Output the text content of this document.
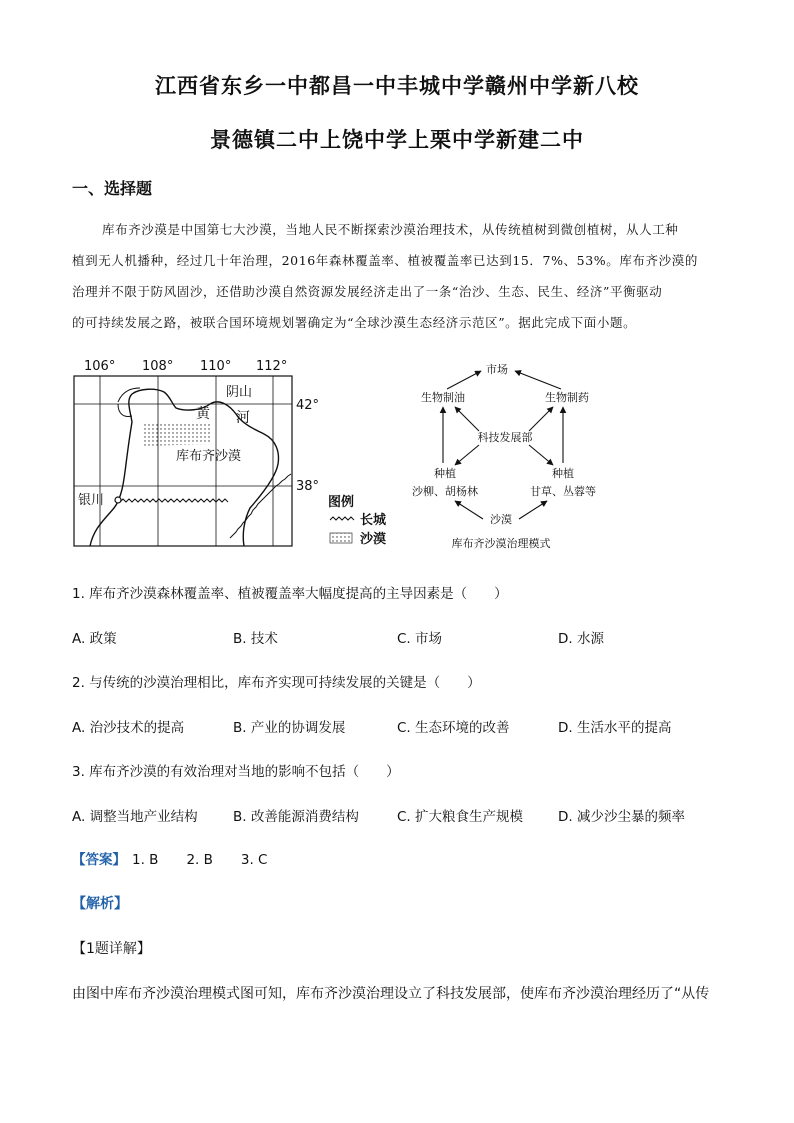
江西省东乡一中都昌一中丰城中学赣州中学新八校
景德镇二中上饶中学上栗中学新建二中
一、选择题
库布齐沙漠是中国第七大沙漠，当地人民不断探索沙漠治理技术，从传统植树到微创植树，从人工种
植到无人机播种，经过几十年治理，2016年森林覆盖率、植被覆盖率已达到15．7%、53%。库布齐沙漠的
治理并不限于防风固沙，还借助沙漠自然资源发展经济走出了一条“治沙、生态、民生、经济”平衡驱动
的可持续发展之路，被联合国环境规划署确定为“全球沙漠生态经济示范区”。据此完成下面小题。
106° 108° 110° 112°
42°
38°
阴山
黄 河
库布齐沙漠
银川	图例
长城
沙漠
市场
生物制油	生物制药
科技发展部
种植
沙柳、胡杨林
种植
甘草、丛蓉等
沙漠
库布齐沙漠治理模式
1. 库布齐沙漠森林覆盖率、植被覆盖率大幅度提高的主导因素是（　　）
A. 政策	B. 技术	C. 市场	D. 水源
2. 与传统的沙漠治理相比，库布齐实现可持续发展的关键是（　　）
A. 治沙技术的提高	B. 产业的协调发展	C. 生态环境的改善	D. 生活水平的提高
3. 库布齐沙漠的有效治理对当地的影响不包括（　　）
A. 调整当地产业结构	B. 改善能源消费结构	C. 扩大粮食生产规模	D. 减少沙尘暴的频率
【答案】 1. B 2. B 3. C
【解析】
【1题详解】
由图中库布齐沙漠治理模式图可知，库布齐沙漠治理设立了科技发展部，使库布齐沙漠治理经历了“从传
